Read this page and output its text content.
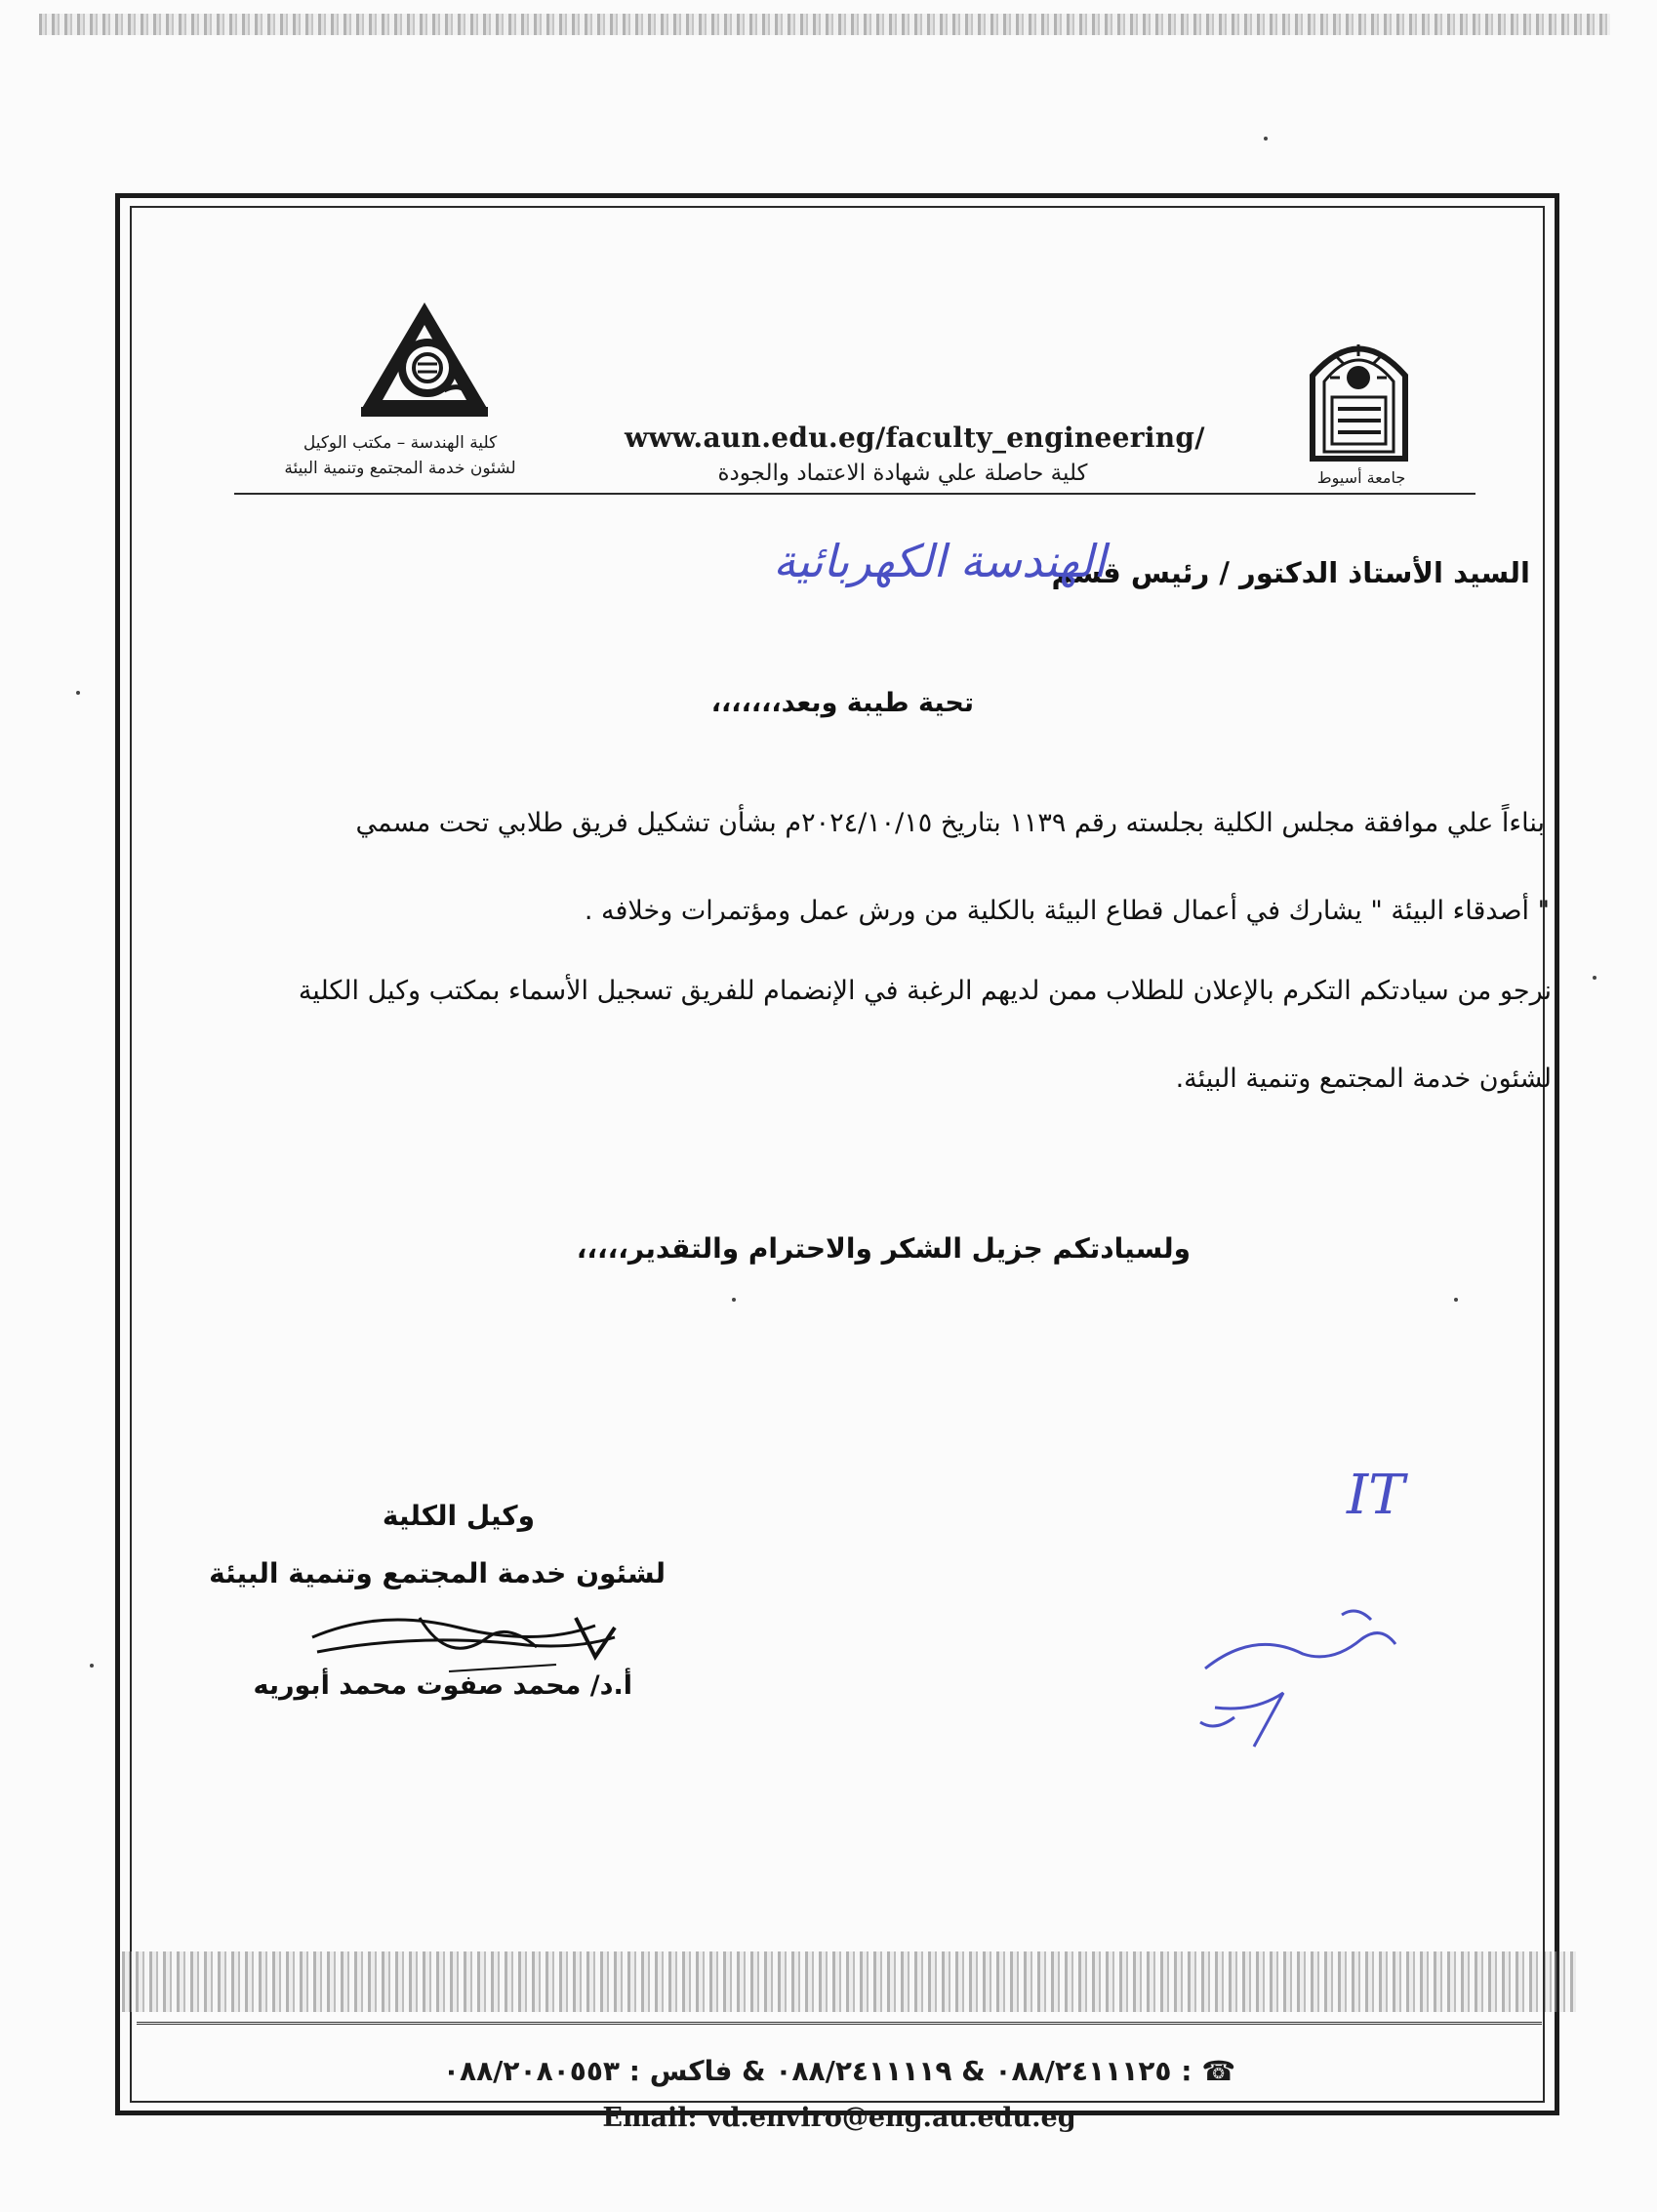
كلية الهندسة – مكتب الوكيل
لشئون خدمة المجتمع وتنمية البيئة
www.aun.edu.eg/faculty_engineering/
كلية حاصلة علي شهادة الاعتماد والجودة	جامعة أسيوط
السيد الأستاذ الدكتور / رئيس قسم
الهندسة الكهربائية
تحية طيبة وبعد،،،،،،،
بناءاً علي موافقة مجلس الكلية بجلسته رقم ١١٣٩ بتاريخ ٢٠٢٤/١٠/١٥م بشأن تشكيل فريق طلابي تحت مسمي
" أصدقاء البيئة " يشارك في أعمال قطاع البيئة بالكلية من ورش عمل ومؤتمرات وخلافه .
نرجو من سيادتكم التكرم بالإعلان للطلاب ممن لديهم الرغبة في الإنضمام للفريق تسجيل الأسماء بمكتب وكيل الكلية
لشئون خدمة المجتمع وتنمية البيئة.
ولسيادتكم جزيل الشكر والاحترام والتقدير،،،،،
وكيل الكلية
لشئون خدمة المجتمع وتنمية البيئة
أ.د/ محمد صفوت محمد أبوريه
IT
☎ : ٠٨٨/٢٤١١١٢٥ & ٠٨٨/٢٤١١١١٩ & فاكس : ٠٨٨/٢٠٨٠٥٥٣
Email: vd.enviro@eng.au.edu.eg
